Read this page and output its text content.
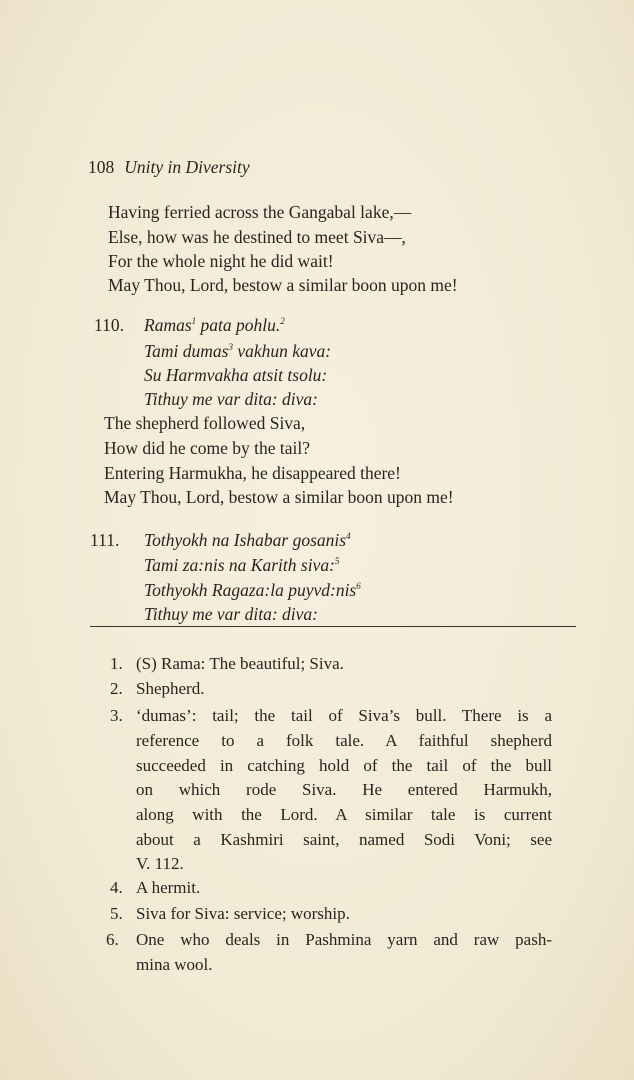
108 Unity in Diversity
Having ferried across the Gangabal lake,—
Else, how was he destined to meet Siva—,
For the whole night he did wait!
May Thou, Lord, bestow a similar boon upon me!
110. Ramas$^1$ pata pohlu.$^2$
Tami dumas$^3$ vakhun kava:
Su Harmvakha atsit tsolu:
Tithuy me var dita: diva:
The shepherd followed Siva,
How did he come by the tail?
Entering Harmukha, he disappeared there!
May Thou, Lord, bestow a similar boon upon me!
111. Tothyokh na Ishabar gosanis$^4$
Tami za:nis na Karith siva:$^5$
Tothyokh Ragaza:la puyvd:nis$^6$
Tithuy me var dita: diva:
1. (S) Rama: The beautiful; Siva.
2. Shepherd.
3. ‘dumas’: tail; the tail of Siva’s bull. There is a
reference to a folk tale. A faithful shepherd
succeeded in catching hold of the tail of the bull
on which rode Siva. He entered Harmukh,
along with the Lord. A similar tale is current
about a Kashmiri saint, named Sodi Voni; see
V. 112.
4. A hermit.
5. Siva for Siva: service; worship.
6. One who deals in Pashmina yarn and raw pash-
mina wool.
